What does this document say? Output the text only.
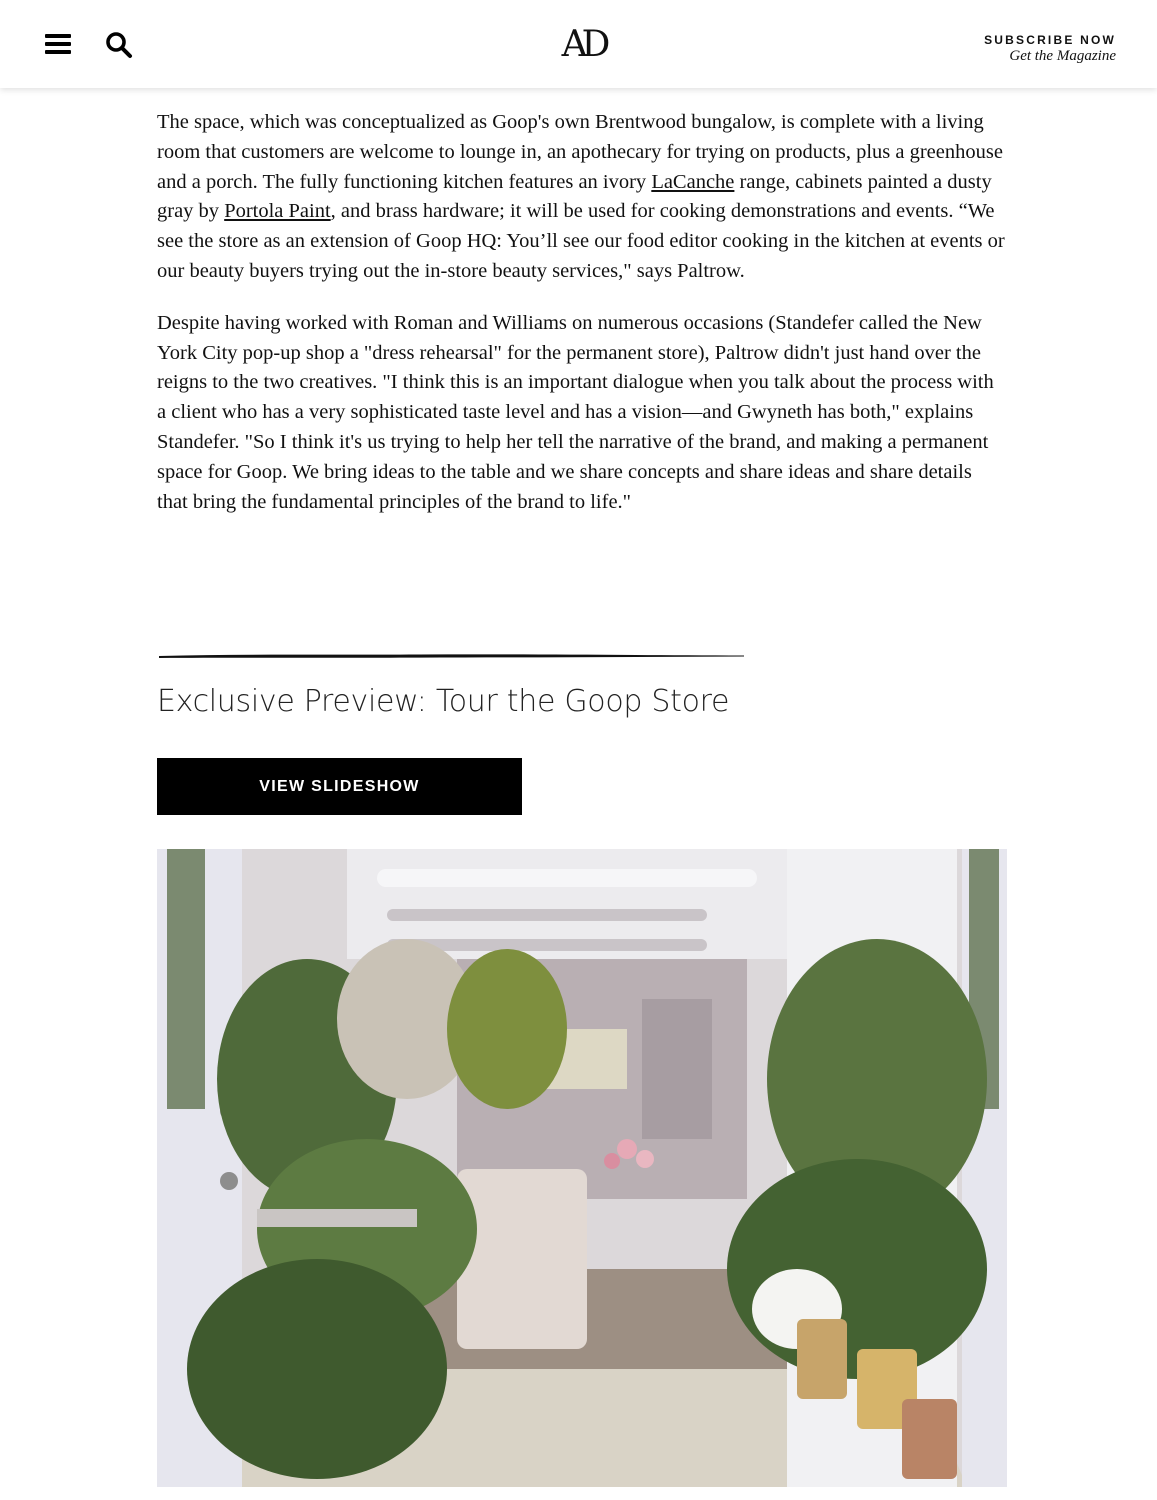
AD	SUBSCRIBE NOW
Get the Magazine

The space, which was conceptualized as Goop's own Brentwood bungalow, is complete with a living room that customers are welcome to lounge in, an apothecary for trying on products, plus a greenhouse and a porch. The fully functioning kitchen features an ivory LaCanche range, cabinets painted a dusty gray by Portola Paint, and brass hardware; it will be used for cooking demonstrations and events. “We see the store as an extension of Goop HQ: You’ll see our food editor cooking in the kitchen at events or our beauty buyers trying out the in-store beauty services," says Paltrow.

Despite having worked with Roman and Williams on numerous occasions (Standefer called the New York City pop-up shop a "dress rehearsal" for the permanent store), Paltrow didn't just hand over the reigns to the two creatives. "I think this is an important dialogue when you talk about the process with a client who has a very sophisticated taste level and has a vision—and Gwyneth has both," explains Standefer. "So I think it's us trying to help her tell the narrative of the brand, and making a permanent space for Goop. We bring ideas to the table and we share concepts and share ideas and share details that bring the fundamental principles of the brand to life."

Exclusive Preview: Tour the Goop Store
VIEW SLIDESHOW
